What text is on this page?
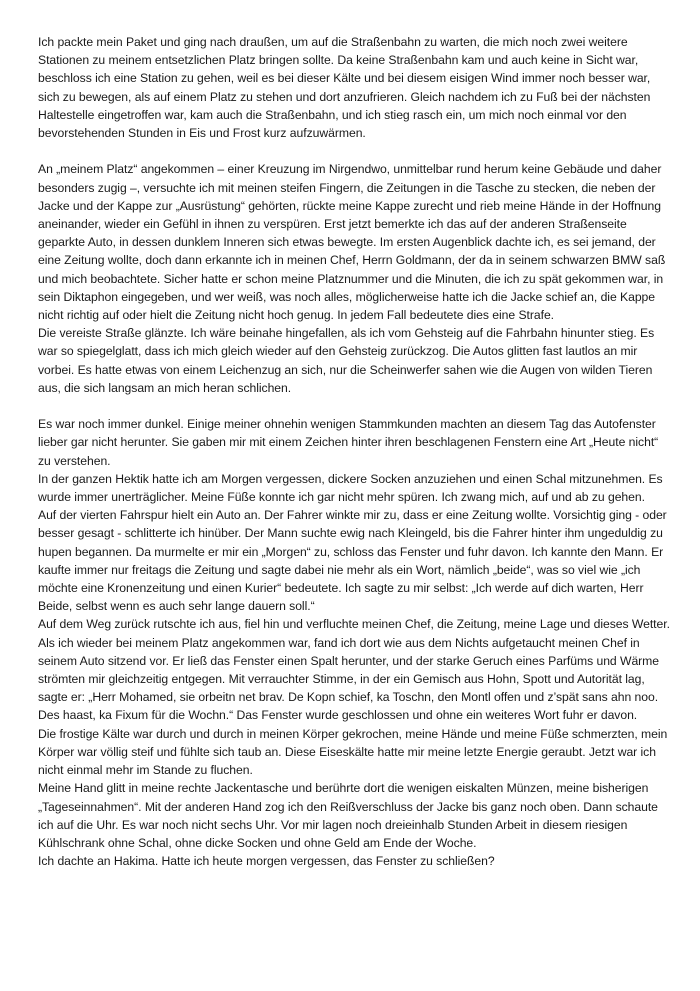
Ich packte mein Paket und ging nach draußen, um auf die Straßenbahn zu warten, die mich noch zwei weitere Stationen zu meinem entsetzlichen Platz bringen sollte. Da keine Straßenbahn kam und auch keine in Sicht war, beschloss ich eine Station zu gehen, weil es bei dieser Kälte und bei diesem eisigen Wind immer noch besser war, sich zu bewegen, als auf einem Platz zu stehen und dort anzufrieren. Gleich nachdem ich zu Fuß bei der nächsten Haltestelle eingetroffen war, kam auch die Straßenbahn, und ich stieg rasch ein, um mich noch einmal vor den bevorstehenden Stunden in Eis und Frost kurz aufzuwärmen.

An „meinem Platz“ angekommen – einer Kreuzung im Nirgendwo, unmittelbar rund herum keine Gebäude und daher besonders zugig –, versuchte ich mit meinen steifen Fingern, die Zeitungen in die Tasche zu stecken, die neben der Jacke und der Kappe zur „Ausrüstung“ gehörten, rückte meine Kappe zurecht und rieb meine Hände in der Hoffnung aneinander, wieder ein Gefühl in ihnen zu verspüren. Erst jetzt bemerkte ich das auf der anderen Straßenseite geparkte Auto, in dessen dunklem Inneren sich etwas bewegte. Im ersten Augenblick dachte ich, es sei jemand, der eine Zeitung wollte, doch dann erkannte ich in meinen Chef, Herrn Goldmann, der da in seinem schwarzen BMW saß und mich beobachtete. Sicher hatte er schon meine Platznummer und die Minuten, die ich zu spät gekommen war, in sein Diktaphon eingegeben, und wer weiß, was noch alles, möglicherweise hatte ich die Jacke schief an, die Kappe nicht richtig auf oder hielt die Zeitung nicht hoch genug. In jedem Fall bedeutete dies eine Strafe.
Die vereiste Straße glänzte. Ich wäre beinahe hingefallen, als ich vom Gehsteig auf die Fahrbahn hinunter stieg. Es war so spiegelglatt, dass ich mich gleich wieder auf den Gehsteig zurückzog. Die Autos glitten fast lautlos an mir vorbei. Es hatte etwas von einem Leichenzug an sich, nur die Scheinwerfer sahen wie die Augen von wilden Tieren aus, die sich langsam an mich heran schlichen.

Es war noch immer dunkel. Einige meiner ohnehin wenigen Stammkunden machten an diesem Tag das Autofenster lieber gar nicht herunter. Sie gaben mir mit einem Zeichen hinter ihren beschlagenen Fenstern eine Art „Heute nicht“ zu verstehen.
In der ganzen Hektik hatte ich am Morgen vergessen, dickere Socken anzuziehen und einen Schal mitzunehmen. Es wurde immer unerträglicher. Meine Füße konnte ich gar nicht mehr spüren. Ich zwang mich, auf und ab zu gehen.
Auf der vierten Fahrspur hielt ein Auto an. Der Fahrer winkte mir zu, dass er eine Zeitung wollte. Vorsichtig ging - oder besser gesagt - schlitterte ich hinüber. Der Mann suchte ewig nach Kleingeld, bis die Fahrer hinter ihm ungeduldig zu hupen begannen. Da murmelte er mir ein „Morgen“ zu, schloss das Fenster und fuhr davon. Ich kannte den Mann. Er kaufte immer nur freitags die Zeitung und sagte dabei nie mehr als ein Wort, nämlich „beide“, was so viel wie „ich möchte eine Kronenzeitung und einen Kurier“ bedeutete. Ich sagte zu mir selbst: „Ich werde auf dich warten, Herr Beide, selbst wenn es auch sehr lange dauern soll.“
Auf dem Weg zurück rutschte ich aus, fiel hin und verfluchte meinen Chef, die Zeitung, meine Lage und dieses Wetter. Als ich wieder bei meinem Platz angekommen war, fand ich dort wie aus dem Nichts aufgetaucht meinen Chef in seinem Auto sitzend vor. Er ließ das Fenster einen Spalt herunter, und der starke Geruch eines Parfüms und Wärme strömten mir gleichzeitig entgegen. Mit verrauchter Stimme, in der ein Gemisch aus Hohn, Spott und Autorität lag, sagte er: „Herr Mohamed, sie orbeitn net brav. De Kopn schief, ka Toschn, den Montl offen und z’spät sans ahn noo. Des haast, ka Fixum für die Wochn.“ Das Fenster wurde geschlossen und ohne ein weiteres Wort fuhr er davon.
Die frostige Kälte war durch und durch in meinen Körper gekrochen, meine Hände und meine Füße schmerzten, mein Körper war völlig steif und fühlte sich taub an. Diese Eiseskälte hatte mir meine letzte Energie geraubt. Jetzt war ich nicht einmal mehr im Stande zu fluchen.
Meine Hand glitt in meine rechte Jackentasche und berührte dort die wenigen eiskalten Münzen, meine bisherigen „Tageseinnahmen“. Mit der anderen Hand zog ich den Reißverschluss der Jacke bis ganz noch oben. Dann schaute ich auf die Uhr. Es war noch nicht sechs Uhr. Vor mir lagen noch dreieinhalb Stunden Arbeit in diesem riesigen Kühlschrank ohne Schal, ohne dicke Socken und ohne Geld am Ende der Woche.
Ich dachte an Hakima. Hatte ich heute morgen vergessen, das Fenster zu schließen?
